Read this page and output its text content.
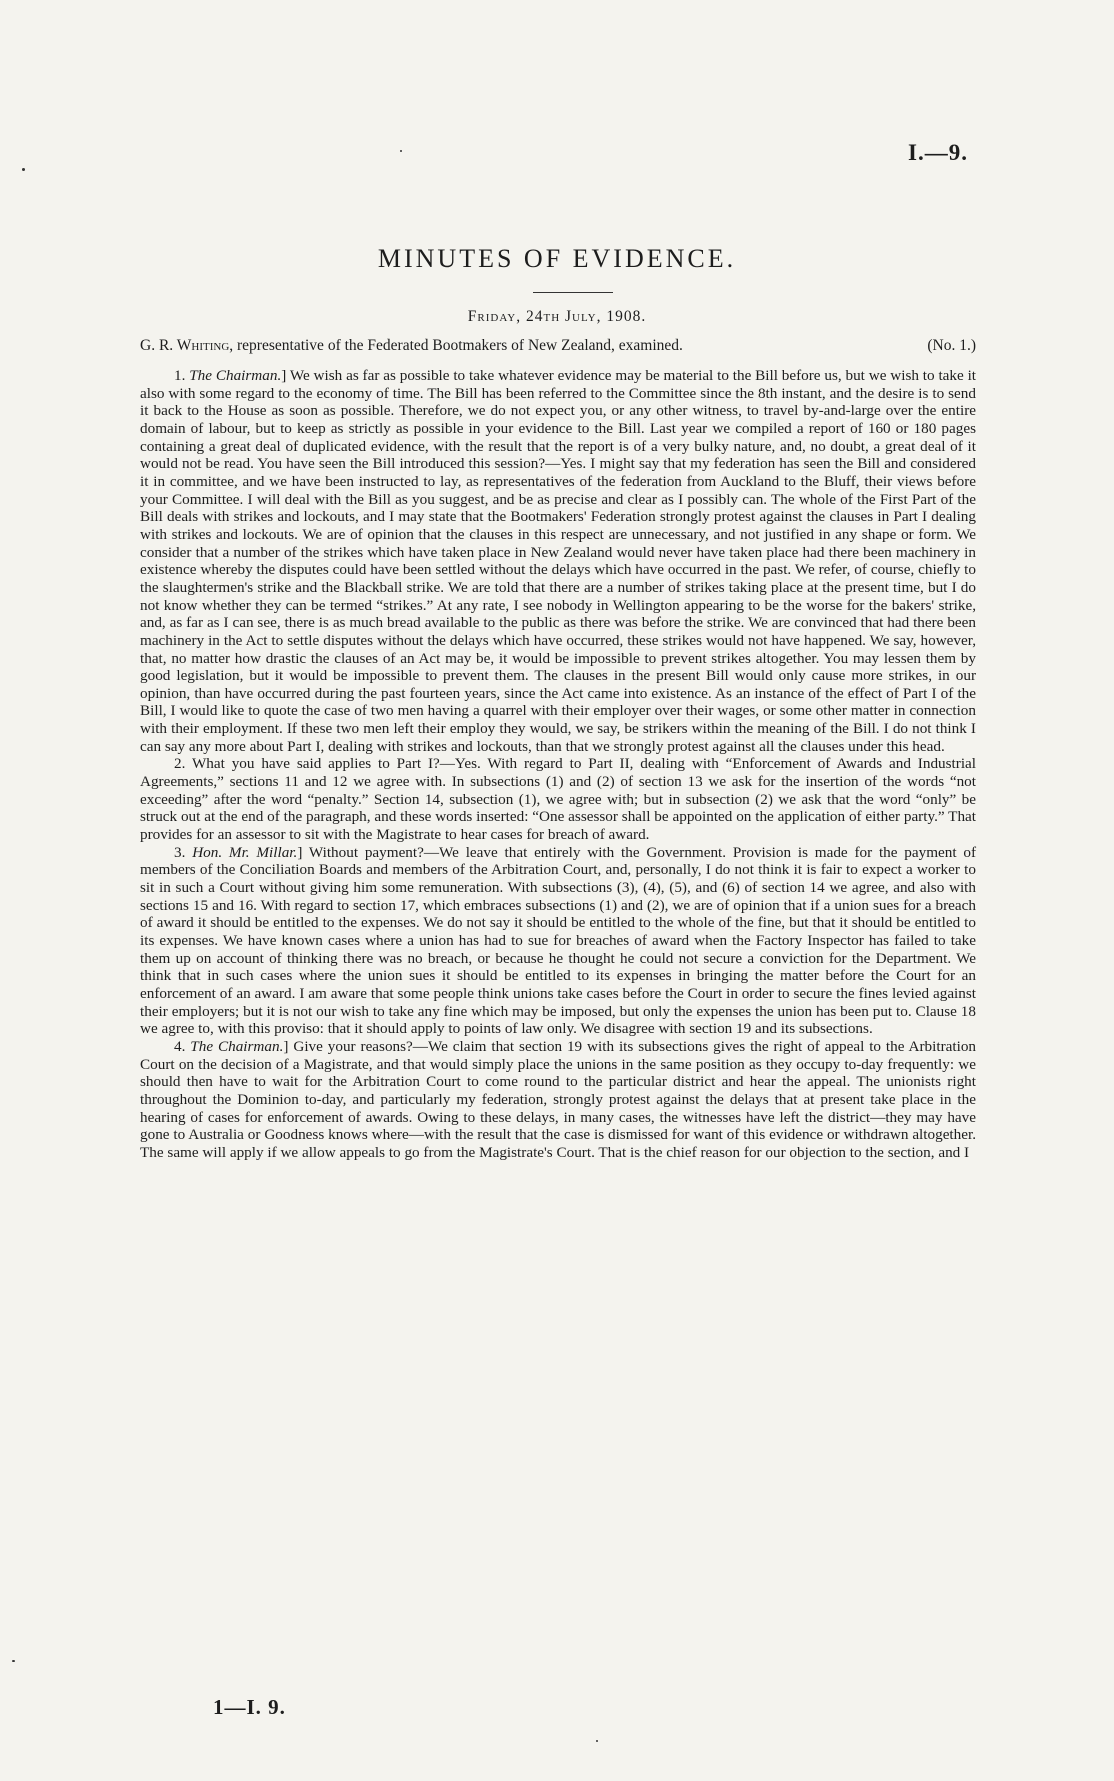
I.—9.
MINUTES OF EVIDENCE.
Friday, 24th July, 1908.
G. R. Whiting, representative of the Federated Bootmakers of New Zealand, examined.	(No. 1.)

1. The Chairman.] We wish as far as possible to take whatever evidence may be material to the Bill before us, but we wish to take it also with some regard to the economy of time. The Bill has been referred to the Committee since the 8th instant, and the desire is to send it back to the House as soon as possible. Therefore, we do not expect you, or any other witness, to travel by-and-large over the entire domain of labour, but to keep as strictly as possible in your evidence to the Bill. Last year we compiled a report of 160 or 180 pages containing a great deal of duplicated evidence, with the result that the report is of a very bulky nature, and, no doubt, a great deal of it would not be read. You have seen the Bill introduced this session?—Yes. I might say that my federation has seen the Bill and considered it in committee, and we have been instructed to lay, as representatives of the federation from Auckland to the Bluff, their views before your Committee. I will deal with the Bill as you suggest, and be as precise and clear as I possibly can. The whole of the First Part of the Bill deals with strikes and lockouts, and I may state that the Bootmakers' Federation strongly protest against the clauses in Part I dealing with strikes and lockouts. We are of opinion that the clauses in this respect are unnecessary, and not justified in any shape or form. We consider that a number of the strikes which have taken place in New Zealand would never have taken place had there been machinery in existence whereby the disputes could have been settled without the delays which have occurred in the past. We refer, of course, chiefly to the slaughtermen's strike and the Blackball strike. We are told that there are a number of strikes taking place at the present time, but I do not know whether they can be termed “strikes.” At any rate, I see nobody in Wellington appearing to be the worse for the bakers' strike, and, as far as I can see, there is as much bread available to the public as there was before the strike. We are convinced that had there been machinery in the Act to settle disputes without the delays which have occurred, these strikes would not have happened. We say, however, that, no matter how drastic the clauses of an Act may be, it would be impossible to prevent strikes altogether. You may lessen them by good legislation, but it would be impossible to prevent them. The clauses in the present Bill would only cause more strikes, in our opinion, than have occurred during the past fourteen years, since the Act came into existence. As an instance of the effect of Part I of the Bill, I would like to quote the case of two men having a quarrel with their employer over their wages, or some other matter in connection with their employment. If these two men left their employ they would, we say, be strikers within the meaning of the Bill. I do not think I can say any more about Part I, dealing with strikes and lockouts, than that we strongly protest against all the clauses under this head.

2. What you have said applies to Part I?—Yes. With regard to Part II, dealing with “Enforcement of Awards and Industrial Agreements,” sections 11 and 12 we agree with. In subsections (1) and (2) of section 13 we ask for the insertion of the words “not exceeding” after the word “penalty.” Section 14, subsection (1), we agree with; but in subsection (2) we ask that the word “only” be struck out at the end of the paragraph, and these words inserted: “One assessor shall be appointed on the application of either party.” That provides for an assessor to sit with the Magistrate to hear cases for breach of award.

3. Hon. Mr. Millar.] Without payment?—We leave that entirely with the Government. Provision is made for the payment of members of the Conciliation Boards and members of the Arbitration Court, and, personally, I do not think it is fair to expect a worker to sit in such a Court without giving him some remuneration. With subsections (3), (4), (5), and (6) of section 14 we agree, and also with sections 15 and 16. With regard to section 17, which embraces subsections (1) and (2), we are of opinion that if a union sues for a breach of award it should be entitled to the expenses. We do not say it should be entitled to the whole of the fine, but that it should be entitled to its expenses. We have known cases where a union has had to sue for breaches of award when the Factory Inspector has failed to take them up on account of thinking there was no breach, or because he thought he could not secure a conviction for the Department. We think that in such cases where the union sues it should be entitled to its expenses in bringing the matter before the Court for an enforcement of an award. I am aware that some people think unions take cases before the Court in order to secure the fines levied against their employers; but it is not our wish to take any fine which may be imposed, but only the expenses the union has been put to. Clause 18 we agree to, with this proviso: that it should apply to points of law only. We disagree with section 19 and its subsections.

4. The Chairman.] Give your reasons?—We claim that section 19 with its subsections gives the right of appeal to the Arbitration Court on the decision of a Magistrate, and that would simply place the unions in the same position as they occupy to-day frequently: we should then have to wait for the Arbitration Court to come round to the particular district and hear the appeal. The unionists right throughout the Dominion to-day, and particularly my federation, strongly protest against the delays that at present take place in the hearing of cases for enforcement of awards. Owing to these delays, in many cases, the witnesses have left the district—they may have gone to Australia or Goodness knows where—with the result that the case is dismissed for want of this evidence or withdrawn altogether. The same will apply if we allow appeals to go from the Magistrate's Court. That is the chief reason for our objection to the section, and I

1—I. 9.
